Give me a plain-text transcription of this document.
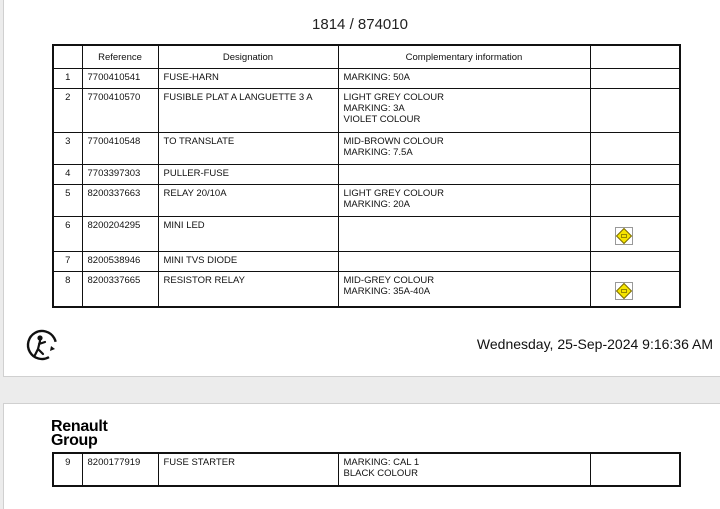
1814 / 874010
	Reference	Designation	Complementary information	
1	7700410541	FUSE-HARN	MARKING: 50A	

2	7700410570	FUSIBLE PLAT A LANGUETTE 3 A	LIGHT GREY COLOUR
MARKING: 3A
VIOLET COLOUR	

3	7700410548	TO TRANSLATE	MID-BROWN COLOUR
MARKING: 7.5A	

4	7703397303	PULLER-FUSE		
5	8200337663	RELAY 20/10A	LIGHT GREY COLOUR
MARKING: 20A	

6	8200204295	MINI LED		

7	8200538946	MINI TVS DIODE		
8	8200337665	RESISTOR RELAY	MID-GREY COLOUR
MARKING: 35A-40A

Wednesday, 25-Sep-2024 9:16:36 AM
Renault
Group
9	8200177919	FUSE STARTER	MARKING: CAL 1
BLACK COLOUR
